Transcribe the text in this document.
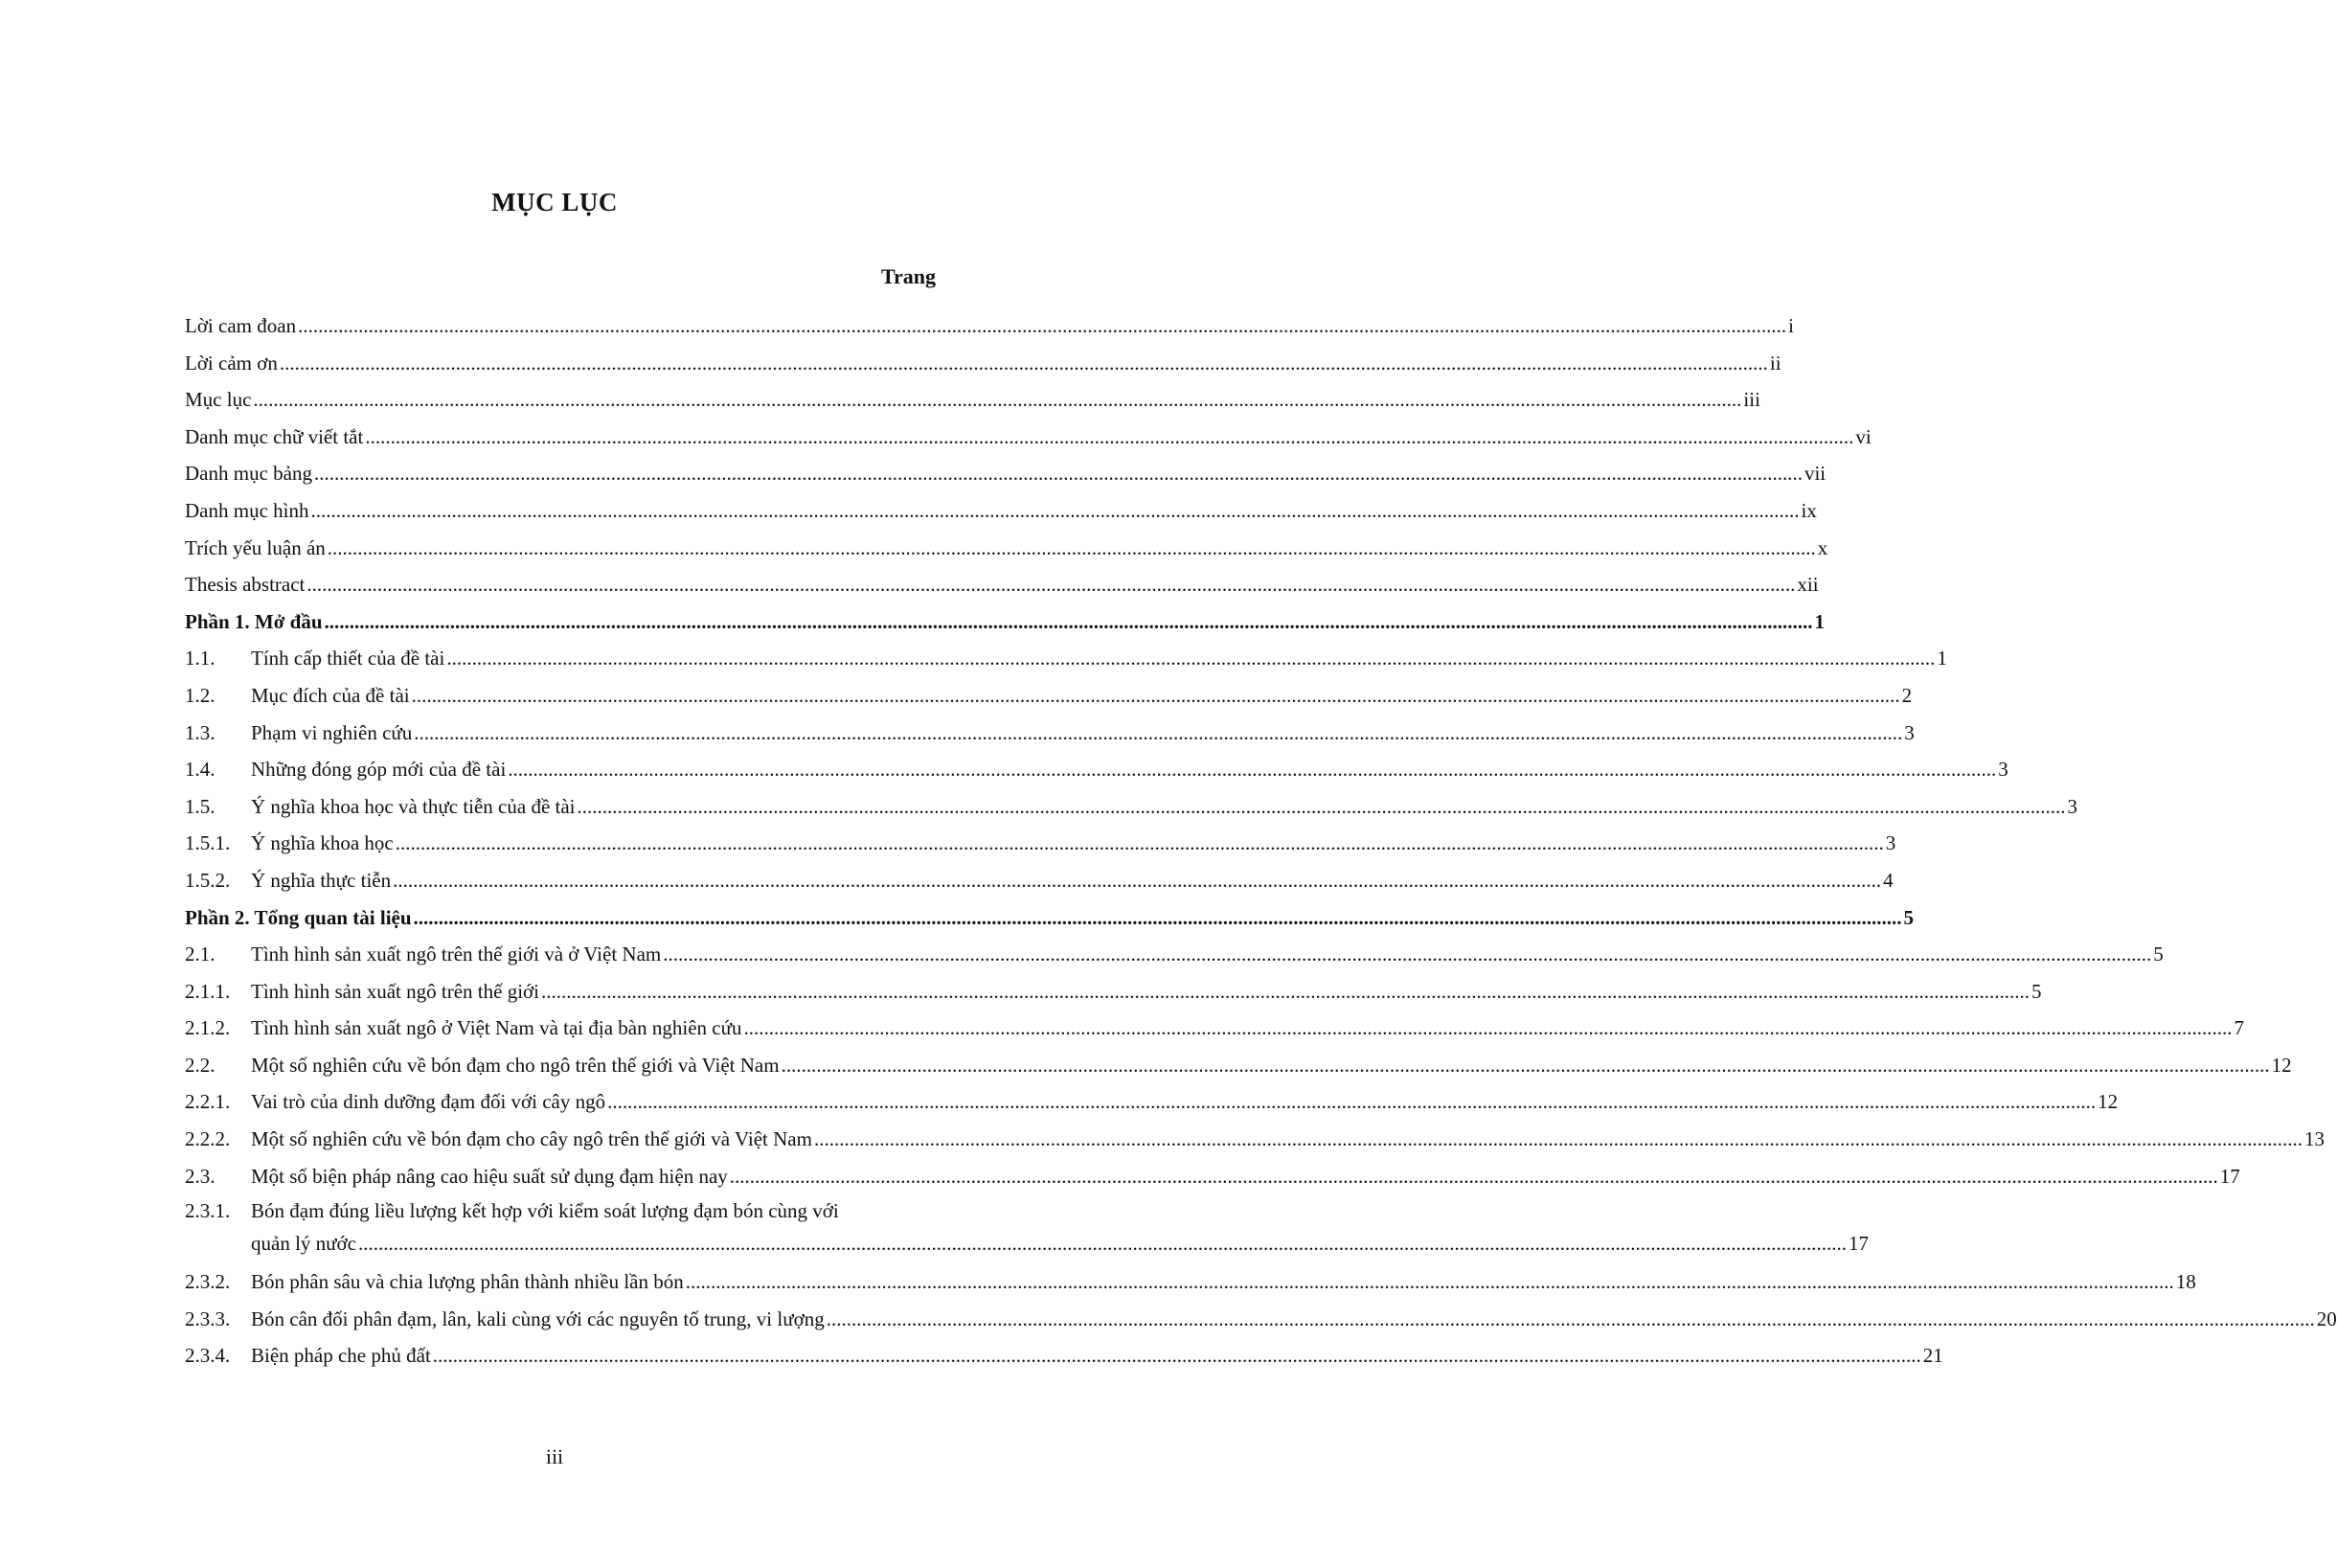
MỤC LỤC
Trang
Lời cam đoan .....	i
Lời cảm ơn .....	ii
Mục lục .....	iii
Danh mục chữ viết tắt .....	vi
Danh mục bảng .....	vii
Danh mục hình .....	ix
Trích yếu luận án .....	x
Thesis abstract .....	xii
Phần 1. Mở đầu .....	1
1.1.	Tính cấp thiết của đề tài .....	1
1.2.	Mục đích của đề tài .....	2
1.3.	Phạm vi nghiên cứu .....	3
1.4.	Những đóng góp mới của đề tài .....	3
1.5.	Ý nghĩa khoa học và thực tiễn của đề tài .....	3
1.5.1.	Ý nghĩa khoa học .....	3
1.5.2.	Ý nghĩa thực tiễn .....	4
Phần 2. Tổng quan tài liệu .....	5
2.1.	Tình hình sản xuất ngô trên thế giới và ở Việt Nam .....	5
2.1.1.	Tình hình sản xuất ngô trên thế giới .....	5
2.1.2.	Tình hình sản xuất ngô ở Việt Nam và tại địa bàn nghiên cứu .....	7
2.2.	Một số nghiên cứu về bón đạm cho ngô trên thế giới và Việt Nam .....	12
2.2.1.	Vai trò của dinh dưỡng đạm đối với cây ngô .....	12
2.2.2.	Một số nghiên cứu về bón đạm cho cây ngô trên thế giới và Việt Nam .....	13
2.3.	Một số biện pháp nâng cao hiệu suất sử dụng đạm hiện nay .....	17
2.3.1.	Bón đạm đúng liều lượng kết hợp với kiểm soát lượng đạm bón cùng với
quản lý nước .....	17
2.3.2.	Bón phân sâu và chia lượng phân thành nhiều lần bón .....	18
2.3.3.	Bón cân đối phân đạm, lân, kali cùng với các nguyên tố trung, vi lượng .....	20
2.3.4.	Biện pháp che phủ đất .....	21
iii
